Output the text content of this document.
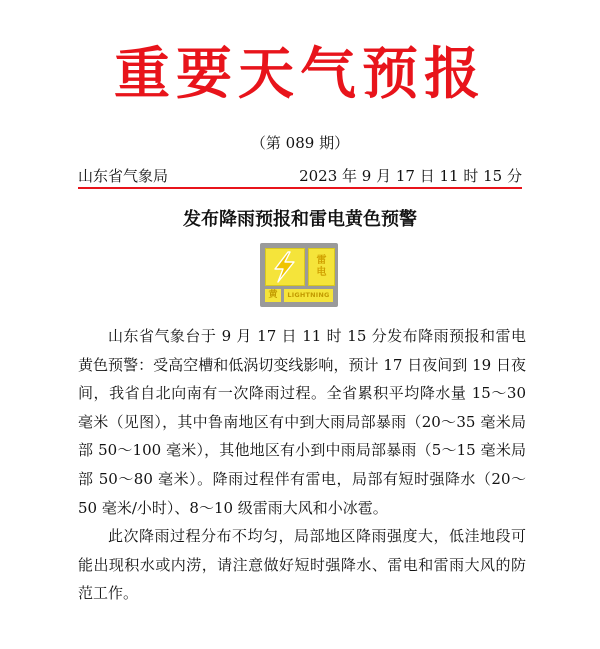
重要天气预报
（第 089 期）
山东省气象局	2023 年 9 月 17 日 11 时 15 分
发布降雨预报和雷电黄色预警
雷
电
黄	LIGHTNING

山东省气象台于 9 月 17 日 11 时 15 分发布降雨预报和雷电黄色预警：受高空槽和低涡切变线影响，预计 17 日夜间到 19 日夜间，我省自北向南有一次降雨过程。全省累积平均降水量 15～30 毫米（见图），其中鲁南地区有中到大雨局部暴雨（20～35 毫米局部 50～100 毫米），其他地区有小到中雨局部暴雨（5～15 毫米局部 50～80 毫米）。降雨过程伴有雷电，局部有短时强降水（20～50 毫米/小时）、8～10 级雷雨大风和小冰雹。

此次降雨过程分布不均匀，局部地区降雨强度大，低洼地段可能出现积水或内涝，请注意做好短时强降水、雷电和雷雨大风的防范工作。
